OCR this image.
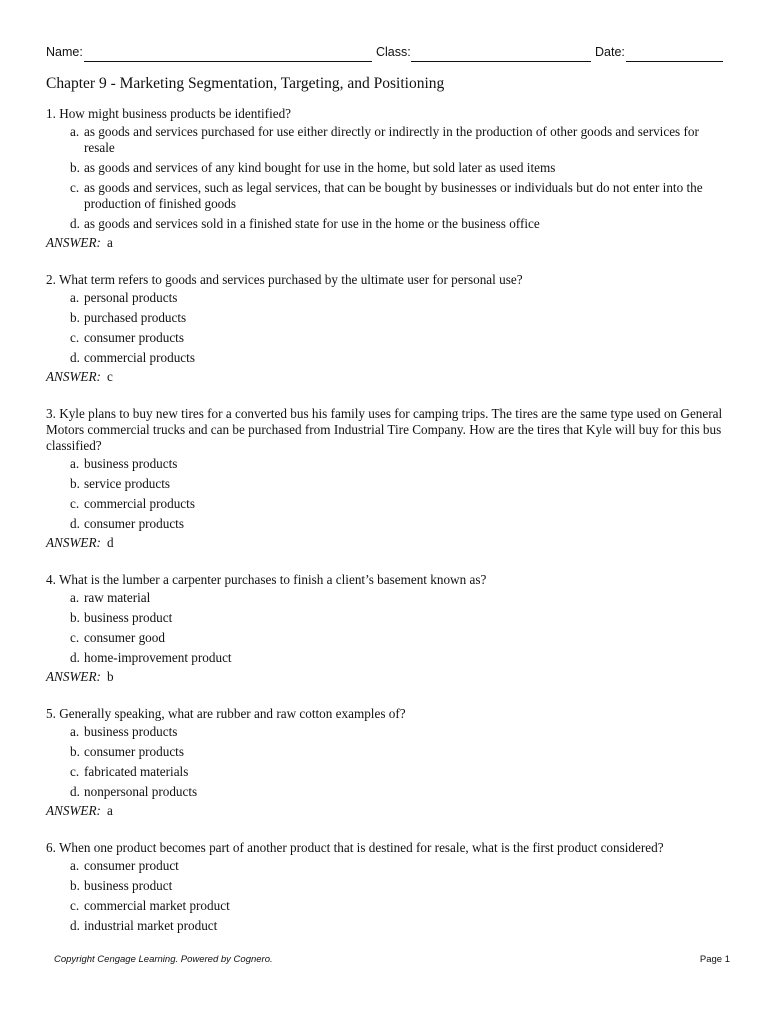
Name:	Class:	Date:
Chapter 9 - Marketing Segmentation, Targeting, and Positioning

1. How might business products be identified?

a. as goods and services purchased for use either directly or indirectly in the production of other goods and services for resale
b. as goods and services of any kind bought for use in the home, but sold later as used items
c. as goods and services, such as legal services, that can be bought by businesses or individuals but do not enter into the production of finished goods
d. as goods and services sold in a finished state for use in the home or the business office
ANSWER: a

2. What term refers to goods and services purchased by the ultimate user for personal use?

a. personal products
b. purchased products
c. consumer products
d. commercial products
ANSWER: c

3. Kyle plans to buy new tires for a converted bus his family uses for camping trips. The tires are the same type used on General Motors commercial trucks and can be purchased from Industrial Tire Company. How are the tires that Kyle will buy for this bus classified?

a. business products
b. service products
c. commercial products
d. consumer products
ANSWER: d

4. What is the lumber a carpenter purchases to finish a client’s basement known as?

a. raw material
b. business product
c. consumer good
d. home-improvement product
ANSWER: b

5. Generally speaking, what are rubber and raw cotton examples of?

a. business products
b. consumer products
c. fabricated materials
d. nonpersonal products
ANSWER: a

6. When one product becomes part of another product that is destined for resale, what is the first product considered?

a. consumer product
b. business product
c. commercial market product
d. industrial market product
Copyright Cengage Learning. Powered by Cognero.	Page 1
